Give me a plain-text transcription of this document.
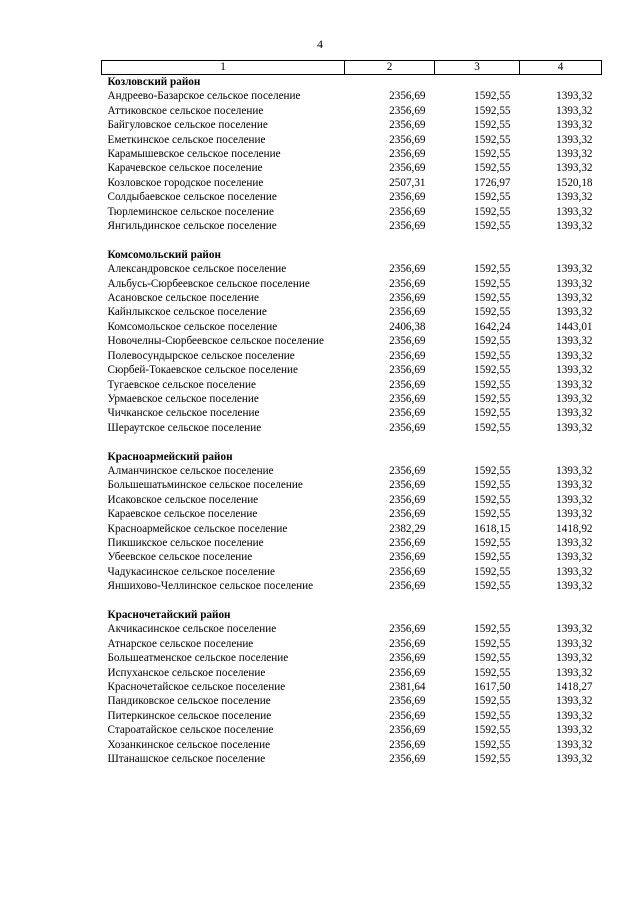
4
1	2	3	4
Козловский район			
Андреево-Базарское сельское поселение	2356,69	1592,55	1393,32
Аттиковское сельское поселение	2356,69	1592,55	1393,32
Байгуловское сельское поселение	2356,69	1592,55	1393,32
Еметкинское сельское поселение	2356,69	1592,55	1393,32
Карамышевское сельское поселение	2356,69	1592,55	1393,32
Карачевское сельское поселение	2356,69	1592,55	1393,32
Козловское городское поселение	2507,31	1726,97	1520,18
Солдыбаевское сельское поселение	2356,69	1592,55	1393,32
Тюрлеминское сельское поселение	2356,69	1592,55	1393,32
Янгильдинское сельское поселение	2356,69	1592,55	1393,32

Комсомольский район			
Александровское сельское поселение	2356,69	1592,55	1393,32
Альбусь-Сюрбеевское сельское поселение	2356,69	1592,55	1393,32
Асановское сельское поселение	2356,69	1592,55	1393,32
Кайнлыкское сельское поселение	2356,69	1592,55	1393,32
Комсомольское сельское поселение	2406,38	1642,24	1443,01
Новочелны-Сюрбеевское сельское поселение	2356,69	1592,55	1393,32
Полевосундырское сельское поселение	2356,69	1592,55	1393,32
Сюрбей-Токаевское сельское поселение	2356,69	1592,55	1393,32
Тугаевское сельское поселение	2356,69	1592,55	1393,32
Урмаевское сельское поселение	2356,69	1592,55	1393,32
Чичканское сельское поселение	2356,69	1592,55	1393,32
Шераутское сельское поселение	2356,69	1592,55	1393,32

Красноармейский район			
Алманчинское сельское поселение	2356,69	1592,55	1393,32
Большешатьминское сельское поселение	2356,69	1592,55	1393,32
Исаковское сельское поселение	2356,69	1592,55	1393,32
Караевское сельское поселение	2356,69	1592,55	1393,32
Красноармейское сельское поселение	2382,29	1618,15	1418,92
Пикшикское сельское поселение	2356,69	1592,55	1393,32
Убеевское сельское поселение	2356,69	1592,55	1393,32
Чадукасинское сельское поселение	2356,69	1592,55	1393,32
Яншихово-Челлинское сельское поселение	2356,69	1592,55	1393,32

Красночетайский район			
Акчикасинское сельское поселение	2356,69	1592,55	1393,32
Атнарское сельское поселение	2356,69	1592,55	1393,32
Большеатменское сельское поселение	2356,69	1592,55	1393,32
Испуханское сельское поселение	2356,69	1592,55	1393,32
Красночетайское сельское поселение	2381,64	1617,50	1418,27
Пандиковское сельское поселение	2356,69	1592,55	1393,32
Питеркинское сельское поселение	2356,69	1592,55	1393,32
Староатайское сельское поселение	2356,69	1592,55	1393,32
Хозанкинское сельское поселение	2356,69	1592,55	1393,32
Штанашское сельское поселение	2356,69	1592,55	1393,32
